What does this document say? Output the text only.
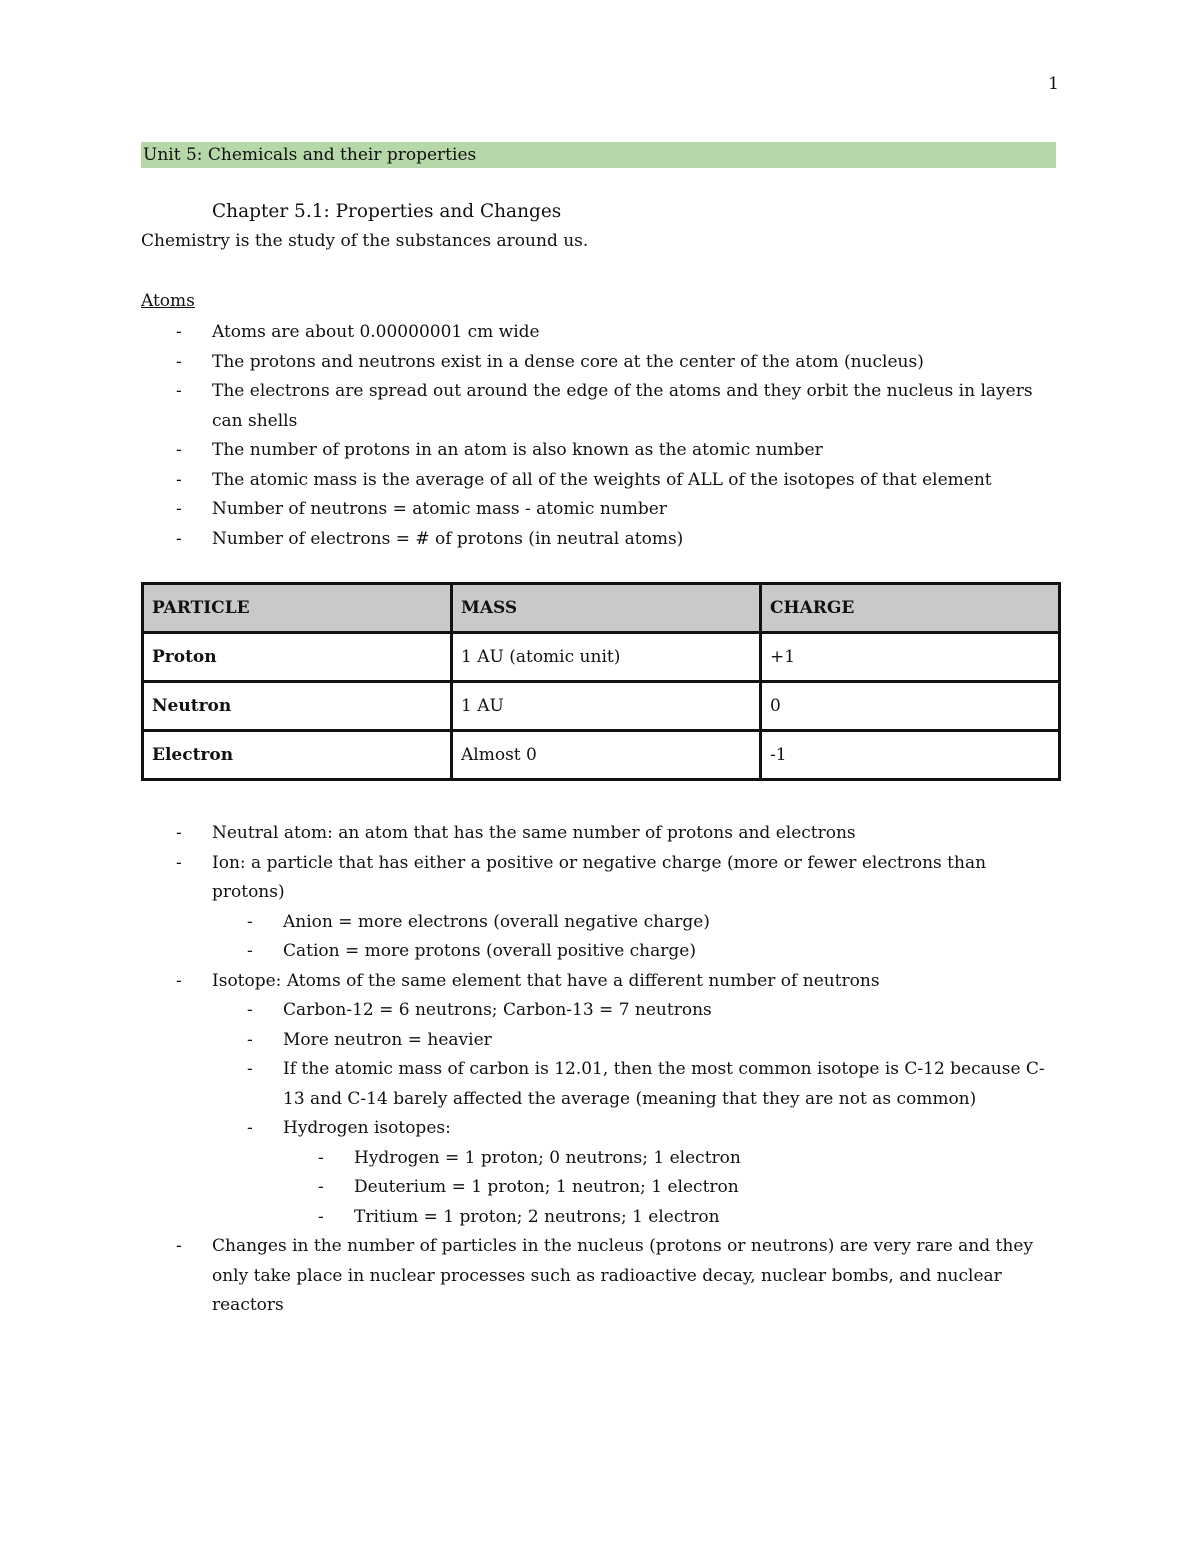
1
Unit 5: Chemicals and their properties
Chapter 5.1: Properties and Changes
Chemistry is the study of the substances around us.
Atoms
- Atoms are about 0.00000001 cm wide
- The protons and neutrons exist in a dense core at the center of the atom (nucleus)
- The electrons are spread out around the edge of the atoms and they orbit the nucleus in layers can shells
- The number of protons in an atom is also known as the atomic number
- The atomic mass is the average of all of the weights of ALL of the isotopes of that element
- Number of neutrons = atomic mass - atomic number
- Number of electrons = # of protons (in neutral atoms)
PARTICLE	MASS	CHARGE
Proton	1 AU (atomic unit)	+1
Neutron	1 AU	0
Electron	Almost 0	-1
- Neutral atom: an atom that has the same number of protons and electrons
- Ion: a particle that has either a positive or negative charge (more or fewer electrons than protons)
- Anion = more electrons (overall negative charge)
- Cation = more protons (overall positive charge)
- Isotope: Atoms of the same element that have a different number of neutrons
- Carbon-12 = 6 neutrons; Carbon-13 = 7 neutrons
- More neutron = heavier
- If the atomic mass of carbon is 12.01, then the most common isotope is C-12 because C-13 and C-14 barely affected the average (meaning that they are not as common)
- Hydrogen isotopes:
- Hydrogen = 1 proton; 0 neutrons; 1 electron
- Deuterium = 1 proton; 1 neutron; 1 electron
- Tritium = 1 proton; 2 neutrons; 1 electron
- Changes in the number of particles in the nucleus (protons or neutrons) are very rare and they only take place in nuclear processes such as radioactive decay, nuclear bombs, and nuclear reactors
